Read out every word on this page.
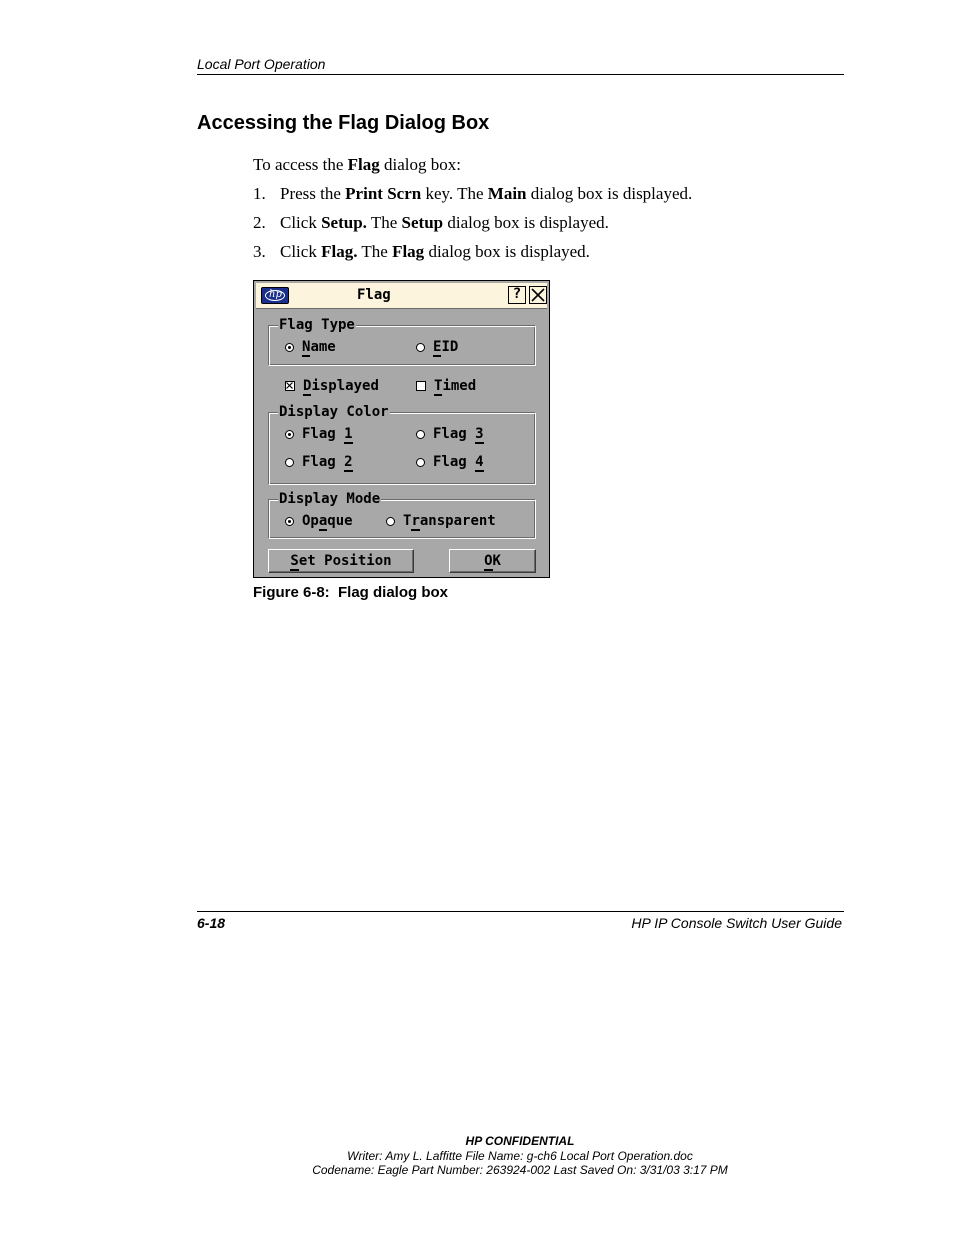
Local Port Operation
Accessing the Flag Dialog Box
To access the Flag dialog box:
1. Press the Print Scrn key. The Main dialog box is displayed.
2. Click Setup. The Setup dialog box is displayed.
3. Click Flag. The Flag dialog box is displayed.
hp	Flag	?
Flag Type
Name	EID
Displayed	Timed
Display Color
Flag 1	Flag 3
Flag 2	Flag 4
Display Mode
Opaque	Transparent
Set Position	OK
Figure 6-8:  Flag dialog box
6-18	HP IP Console Switch User Guide
HP CONFIDENTIAL
Writer: Amy L. Laffitte File Name: g-ch6 Local Port Operation.doc
Codename: Eagle Part Number: 263924-002 Last Saved On: 3/31/03 3:17 PM
